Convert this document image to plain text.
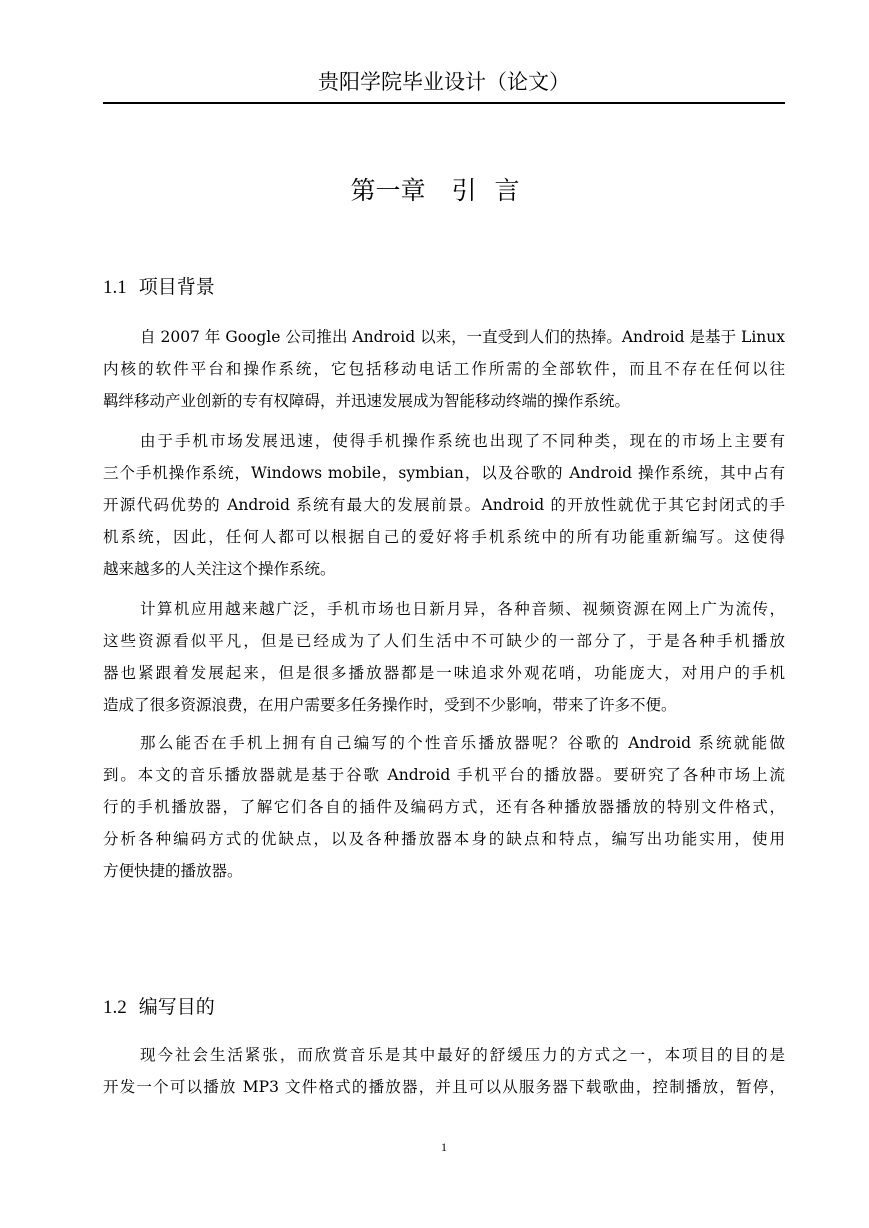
贵阳学院毕业设计（论文）
第一章 引言
1.1 项目背景
自 2007 年 Google 公司推出 Android 以来，一直受到人们的热捧。Android 是基于 Linux
内核的软件平台和操作系统，它包括移动电话工作所需的全部软件，而且不存在任何以往
羁绊移动产业创新的专有权障碍，并迅速发展成为智能移动终端的操作系统。
由于手机市场发展迅速，使得手机操作系统也出现了不同种类，现在的市场上主要有
三个手机操作系统，Windows mobile，symbian，以及谷歌的 Android 操作系统，其中占有
开源代码优势的 Android 系统有最大的发展前景。Android 的开放性就优于其它封闭式的手
机系统，因此，任何人都可以根据自己的爱好将手机系统中的所有功能重新编写。这使得
越来越多的人关注这个操作系统。
计算机应用越来越广泛，手机市场也日新月异，各种音频、视频资源在网上广为流传，
这些资源看似平凡，但是已经成为了人们生活中不可缺少的一部分了，于是各种手机播放
器也紧跟着发展起来，但是很多播放器都是一味追求外观花哨，功能庞大，对用户的手机
造成了很多资源浪费，在用户需要多任务操作时，受到不少影响，带来了许多不便。
那么能否在手机上拥有自己编写的个性音乐播放器呢？谷歌的 Android 系统就能做
到。本文的音乐播放器就是基于谷歌 Android 手机平台的播放器。要研究了各种市场上流
行的手机播放器，了解它们各自的插件及编码方式，还有各种播放器播放的特别文件格式，
分析各种编码方式的优缺点，以及各种播放器本身的缺点和特点，编写出功能实用，使用
方便快捷的播放器。
1.2 编写目的
现今社会生活紧张，而欣赏音乐是其中最好的舒缓压力的方式之一，本项目的目的是
开发一个可以播放 MP3 文件格式的播放器，并且可以从服务器下载歌曲，控制播放，暂停，
1
